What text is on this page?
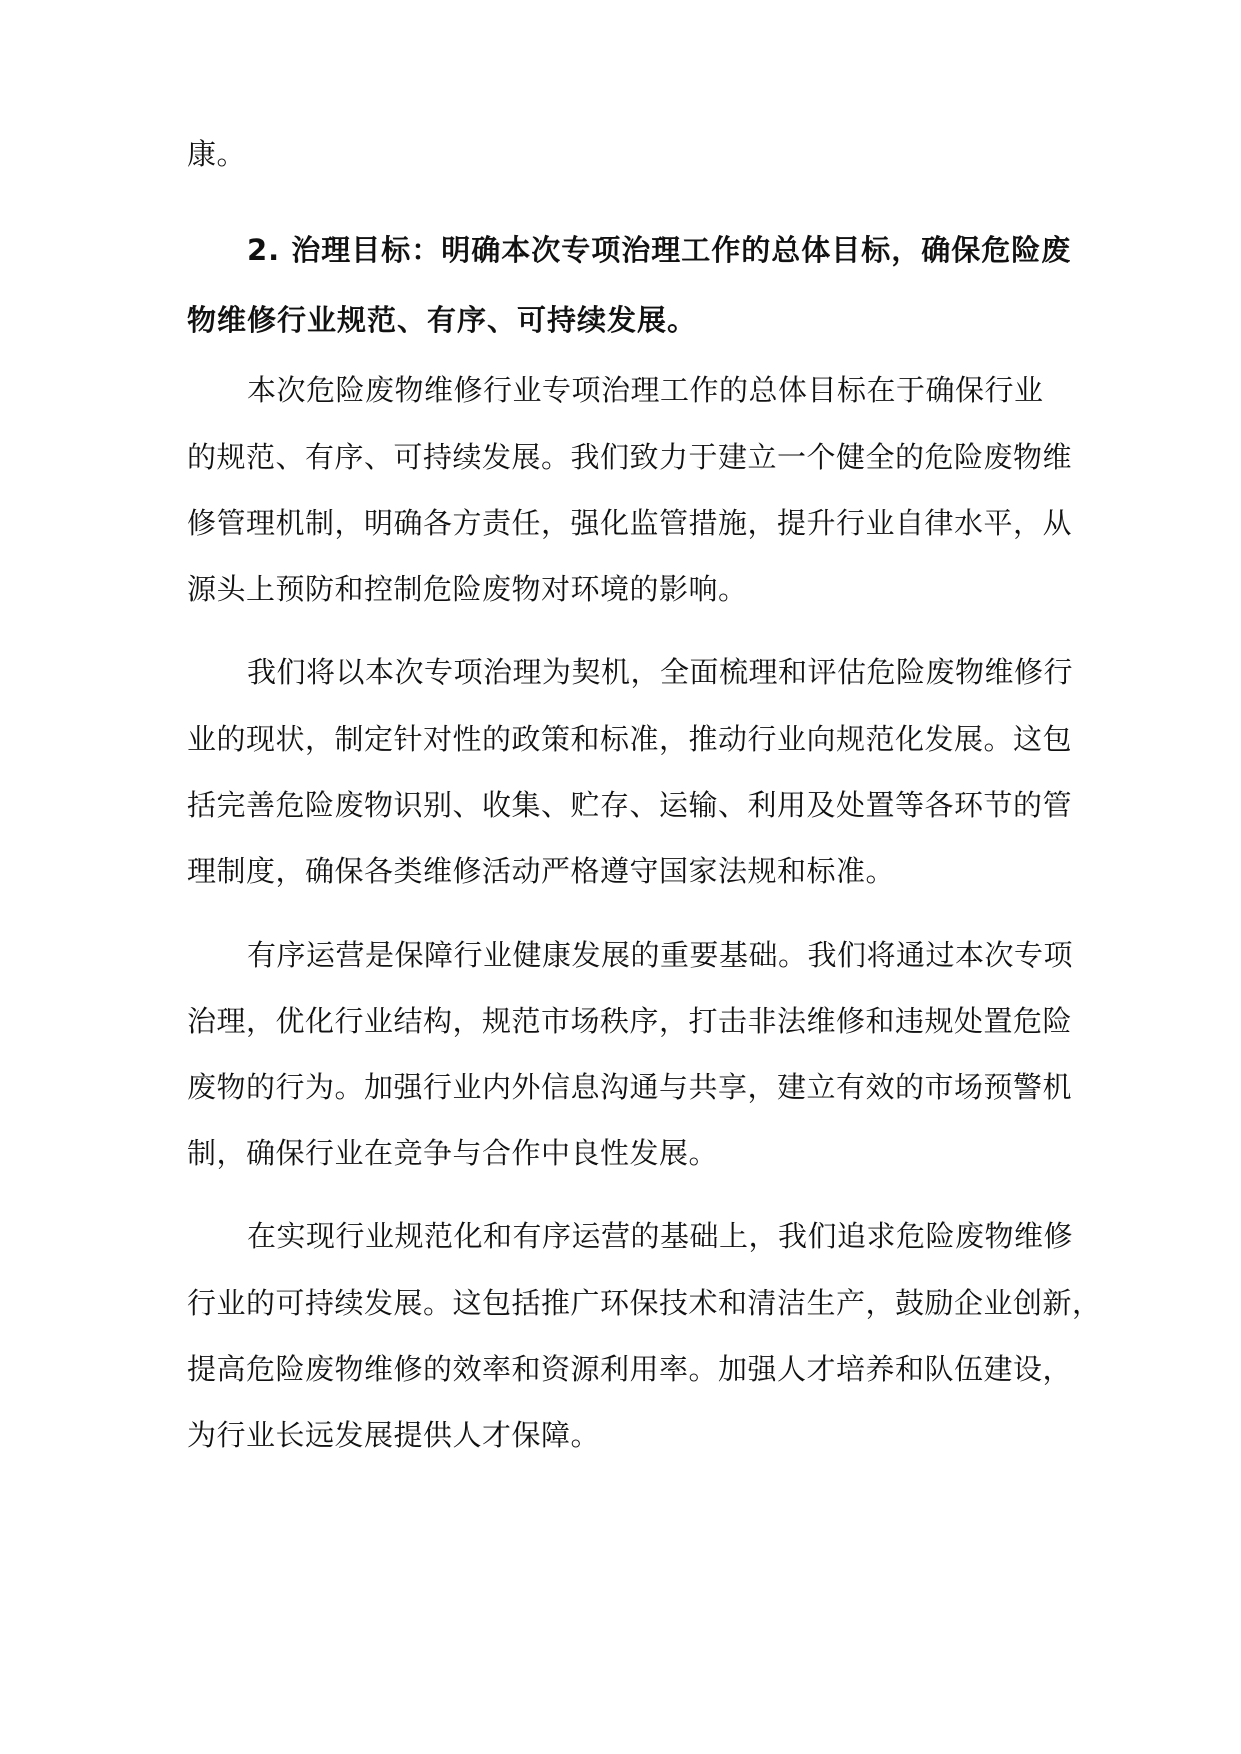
康。
2. 治理目标：明确本次专项治理工作的总体目标，确保危险废
物维修行业规范、有序、可持续发展。
本次危险废物维修行业专项治理工作的总体目标在于确保行业
的规范、有序、可持续发展。我们致力于建立一个健全的危险废物维
修管理机制，明确各方责任，强化监管措施，提升行业自律水平，从
源头上预防和控制危险废物对环境的影响。
我们将以本次专项治理为契机，全面梳理和评估危险废物维修行
业的现状，制定针对性的政策和标准，推动行业向规范化发展。这包
括完善危险废物识别、收集、贮存、运输、利用及处置等各环节的管
理制度，确保各类维修活动严格遵守国家法规和标准。
有序运营是保障行业健康发展的重要基础。我们将通过本次专项
治理，优化行业结构，规范市场秩序，打击非法维修和违规处置危险
废物的行为。加强行业内外信息沟通与共享，建立有效的市场预警机
制，确保行业在竞争与合作中良性发展。
在实现行业规范化和有序运营的基础上，我们追求危险废物维修
行业的可持续发展。这包括推广环保技术和清洁生产，鼓励企业创新，
提高危险废物维修的效率和资源利用率。加强人才培养和队伍建设，
为行业长远发展提供人才保障。
